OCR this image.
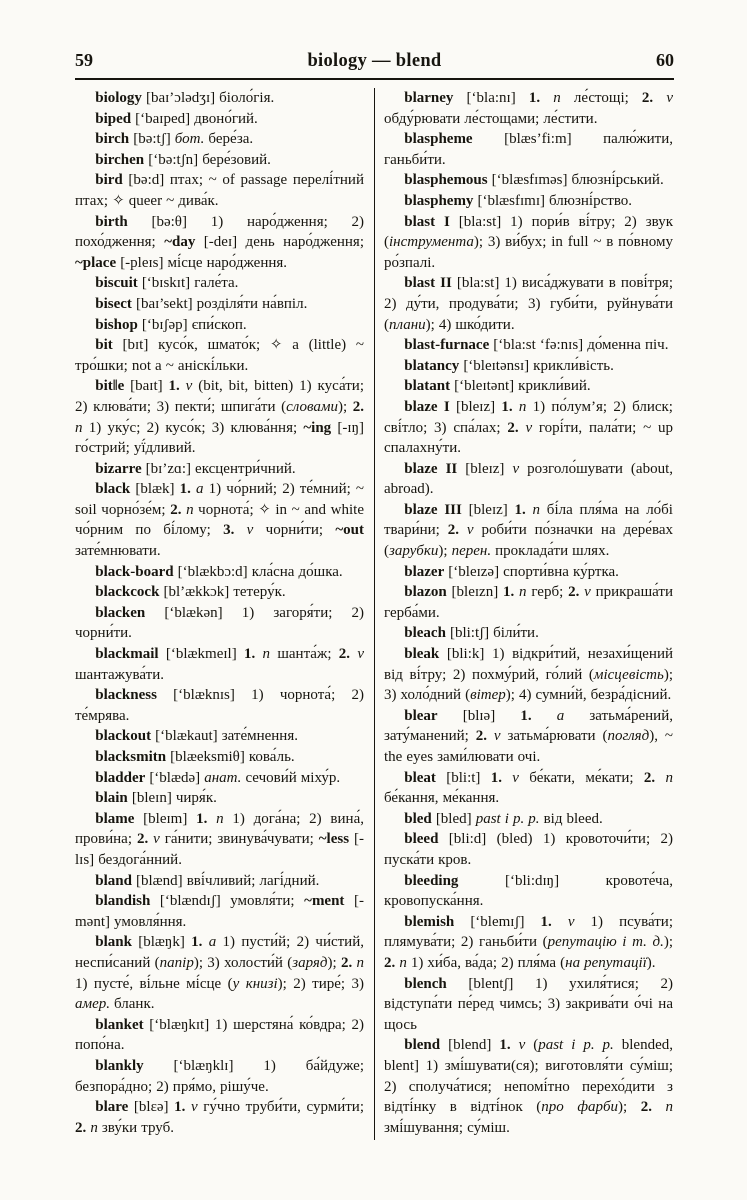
59	biology — blend	60

biology [baɪ’ɔlədʒɪ] біоло́гія.

biped [‘baɪped] двоно́гий.

birch [bə:tʃ] бот. бере́за.

birchen [‘bə:tʃn] бере́зовий.

bird [bə:d] птах; ~ of passage перелі́тний птах; ✧ queer ~ дива́к.

birth [bə:θ] 1) наро́дження; 2) похо́дження; ~day [-deɪ] день наро́дження; ~place [-pleɪs] мі́сце наро́дження.

biscuit [‘bɪskɪt] гале́та.

bisect [baɪ’sekt] розділя́ти на́впіл.

bishop [‘bɪʃəp] єпи́скоп.

bit [bɪt] кусо́к, шмато́к; ✧ a (little) ~ тро́шки; not a ~ аніскі́льки.

bit‖e [baɪt] 1. v (bit, bit, bitten) 1) куса́ти; 2) клюва́ти; 3) пекти́; шпига́ти (словами); 2. n 1) уку́с; 2) кусо́к; 3) клюва́ння; ~ing [-ɪŋ] го́стрий; уї́дливий.

bizarre [bɪ’zɑ:] ексцентри́чний.

black [blæk] 1. a 1) чо́рний; 2) те́мний; ~ soil чорно́зе́м; 2. n чорнота́; ✧ in ~ and white чо́рним по бі́лому; 3. v чорни́ти; ~out зате́мнювати.

black-board [‘blækbɔ:d] кла́сна до́шка.

blackcock [bl’ækkɔk] тетеру́к.

blacken [‘blækən] 1) загоря́ти; 2) чорни́ти.

blackmail [‘blækmeɪl] 1. n шанта́ж; 2. v шантажува́ти.

blackness [‘blæknɪs] 1) чорнота́; 2) те́мрява.

blackout [‘blækaut] зате́мнення.

blacksmitn [blæeksmiθ] кова́ль.

bladder [‘blædə] анат. сечови́й міху́р.

blain [bleɪn] чиря́к.

blame [bleɪm] 1. n 1) дога́на; 2) вина́, прови́на; 2. v га́нити; звинува́чувати; ~less [-lɪs] бездога́нний.

bland [blænd] вві́чливий; лагі́дний.

blandish [‘blændɪʃ] умовля́ти; ~ment [-mənt] умовля́ння.

blank [blæŋk] 1. a 1) пусти́й; 2) чи́стий, неспи́саний (папір); 3) холости́й (заряд); 2. n 1) пусте́, ві́льне мі́сце (у книзі); 2) тире́; 3) амер. бланк.

blanket [‘blæŋkɪt] 1) шерстяна́ ко́вдра; 2) попо́на.

blankly [‘blæŋklɪ] 1) ба́йдуже; безпора́дно; 2) пря́мо, рішу́че.

blare [blɛə] 1. v гу́чно труби́ти, сурми́ти; 2. n зву́ки труб.

blarney [‘bla:nɪ] 1. n ле́стощі; 2. v обду́рювати ле́стощами; ле́стити.

blaspheme [blæs’fi:m] палю́жити, ганьби́ти.

blasphemous [‘blæsfɪməs] блюзні́рський.

blasphemy [‘blæsfɪmɪ] блюзні́рство.

blast I [bla:st] 1) пори́в ві́тру; 2) звук (інструмента); 3) ви́бух; in full ~ в по́вному ро́зпалі.

blast II [bla:st] 1) виса́джувати в пові́тря; 2) ду́ти, продува́ти; 3) губи́ти, руйнува́ти (плани); 4) шко́дити.

blast-furnace [‘bla:st ‘fə:nɪs] до́менна піч.

blatancy [‘bleɪtənsɪ] крикли́вість.

blatant [‘bleɪtənt] крикли́вий.

blaze I [bleɪz] 1. n 1) по́лум’я; 2) блиск; сві́тло; 3) спа́лах; 2. v горі́ти, пала́ти; ~ up спалахну́ти.

blaze II [bleɪz] v розголо́шувати (about, abroad).

blaze III [bleɪz] 1. n бі́ла пля́ма на ло́бі твари́ни; 2. v роби́ти по́значки на дере́вах (зарубки); перен. проклада́ти шлях.

blazer [‘bleɪzə] спорти́вна ку́ртка.

blazon [bleɪzn] 1. n герб; 2. v прикраша́ти герба́ми.

bleach [bli:tʃ] біли́ти.

bleak [bli:k] 1) відкри́тий, незахи́щений від ві́тру; 2) похму́рий, го́лий (місцевість); 3) холо́дний (вітер); 4) сумни́й, безра́дісний.

blear [blɪə] 1. a затьма́рений, зату́манений; 2. v затьма́рювати (погляд), ~ the eyes зами́лювати очі.

bleat [bli:t] 1. v бе́кати, ме́кати; 2. n бе́кання, ме́кання.

bled [bled] past і p. p. від bleed.

bleed [bli:d] (bled) 1) кровоточи́ти; 2) пуска́ти кров.

bleeding [‘bli:dɪŋ] кровоте́ча, кровопуска́ння.

blemish [‘blemɪʃ] 1. v 1) псува́ти; плямува́ти; 2) ганьби́ти (репутацію і т. д.); 2. n 1) хи́ба, ва́да; 2) пля́ма (на репутації).

blench [blentʃ] 1) ухиля́тися; 2) відступа́ти пе́ред чимсь; 3) закрива́ти о́чі на щось

blend [blend] 1. v (past і p. p. blended, blent] 1) змі́шувати(ся); виготовля́ти су́міш; 2) сполуча́тися; непомі́тно перехо́дити з відті́нку в відті́нок (про фарби); 2. n змі́шування; су́міш.
